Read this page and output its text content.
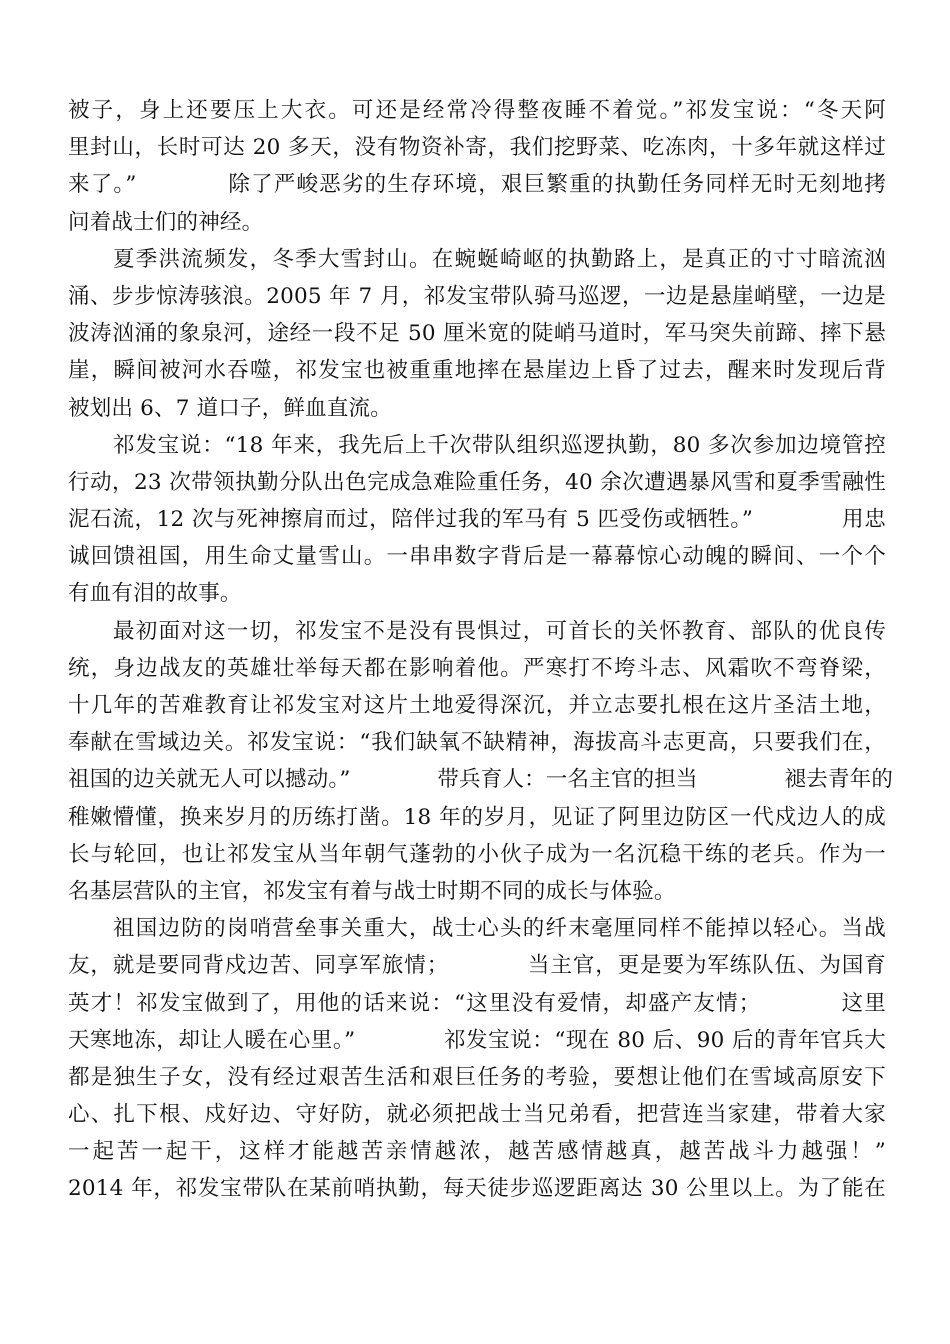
被子，身上还要压上大衣。可还是经常冷得整夜睡不着觉。”祁发宝说：“冬天阿
里封山，长时可达 20 多天，没有物资补寄，我们挖野菜、吃冻肉，十多年就这样过
来了。”　　　　除了严峻恶劣的生存环境，艰巨繁重的执勤任务同样无时无刻地拷
问着战士们的神经。
夏季洪流频发，冬季大雪封山。在蜿蜒崎岖的执勤路上，是真正的寸寸暗流汹
涌、步步惊涛骇浪。2005 年 7 月，祁发宝带队骑马巡逻，一边是悬崖峭壁，一边是
波涛汹涌的象泉河，途经一段不足 50 厘米宽的陡峭马道时，军马突失前蹄、摔下悬
崖，瞬间被河水吞噬，祁发宝也被重重地摔在悬崖边上昏了过去，醒来时发现后背
被划出 6、7 道口子，鲜血直流。
祁发宝说：“18 年来，我先后上千次带队组织巡逻执勤，80 多次参加边境管控
行动，23 次带领执勤分队出色完成急难险重任务，40 余次遭遇暴风雪和夏季雪融性
泥石流，12 次与死神擦肩而过，陪伴过我的军马有 5 匹受伤或牺牲。”　　　　用忠
诚回馈祖国，用生命丈量雪山。一串串数字背后是一幕幕惊心动魄的瞬间、一个个
有血有泪的故事。
最初面对这一切，祁发宝不是没有畏惧过，可首长的关怀教育、部队的优良传
统，身边战友的英雄壮举每天都在影响着他。严寒打不垮斗志、风霜吹不弯脊梁，
十几年的苦难教育让祁发宝对这片土地爱得深沉，并立志要扎根在这片圣洁土地，
奉献在雪域边关。祁发宝说：“我们缺氧不缺精神，海拔高斗志更高，只要我们在，
祖国的边关就无人可以撼动。”　　　　带兵育人：一名主官的担当　　　　褪去青年的
稚嫩懵懂，换来岁月的历练打凿。18 年的岁月，见证了阿里边防区一代戍边人的成
长与轮回，也让祁发宝从当年朝气蓬勃的小伙子成为一名沉稳干练的老兵。作为一
名基层营队的主官，祁发宝有着与战士时期不同的成长与体验。
祖国边防的岗哨营垒事关重大，战士心头的纤末毫厘同样不能掉以轻心。当战
友，就是要同背戍边苦、同享军旅情；　　　　当主官，更是要为军练队伍、为国育
英才！祁发宝做到了，用他的话来说：“这里没有爱情，却盛产友情；　　　　这里
天寒地冻，却让人暖在心里。”　　　　祁发宝说：“现在 80 后、90 后的青年官兵大
都是独生子女，没有经过艰苦生活和艰巨任务的考验，要想让他们在雪域高原安下
心、扎下根、戍好边、守好防，就必须把战士当兄弟看，把营连当家建，带着大家
一起苦一起干，这样才能越苦亲情越浓，越苦感情越真，越苦战斗力越强！”
2014 年，祁发宝带队在某前哨执勤，每天徒步巡逻距离达 30 公里以上。为了能在
